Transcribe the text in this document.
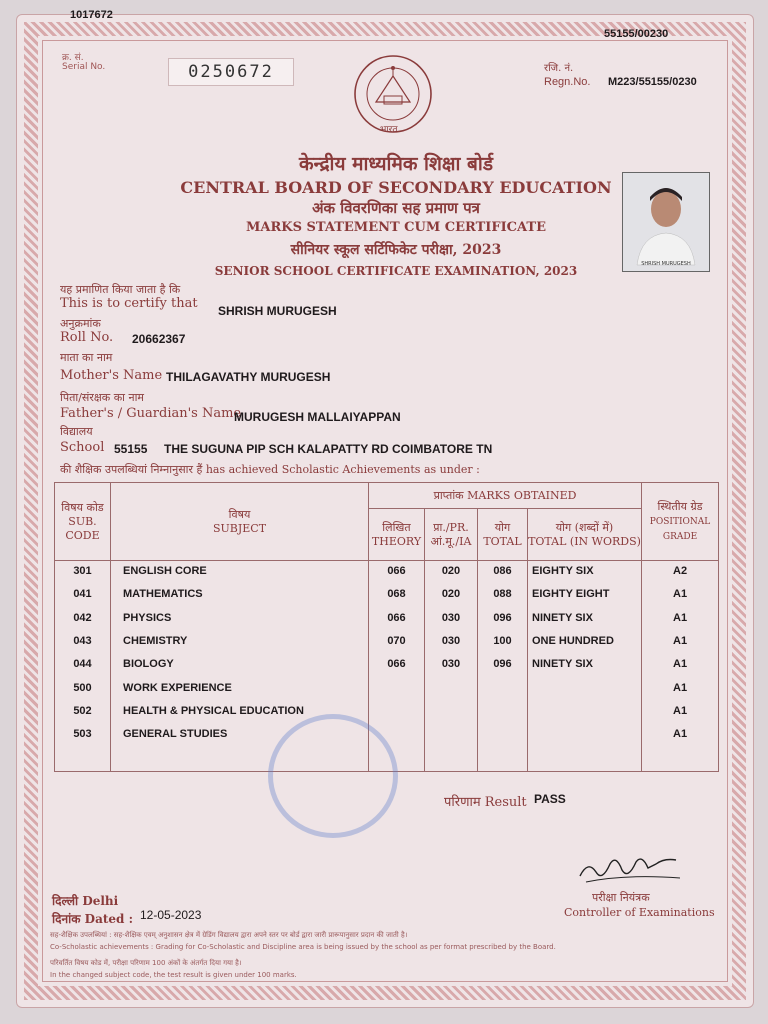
1017672
55155/00230
क्र. सं.
Serial No.	0250672	रजि. नं.
Regn.No. M223/55155/0230
भारत
केन्द्रीय माध्यमिक शिक्षा बोर्ड
CENTRAL BOARD OF SECONDARY EDUCATION
अंक विवरणिका सह प्रमाण पत्र
MARKS STATEMENT CUM CERTIFICATE
सीनियर स्कूल सर्टिफिकेट परीक्षा, 2023
SENIOR SCHOOL CERTIFICATE EXAMINATION, 2023	SHRISH MURUGESH
यह प्रमाणित किया जाता है कि
This is to certify that SHRISH MURUGESH
अनुक्रमांक
Roll No. 20662367
माता का नाम
Mother's Name THILAGAVATHY MURUGESH
पिता/संरक्षक का नाम
Father's / Guardian's Name
MURUGESH MALLAIYAPPAN
विद्यालय
School 55155 THE SUGUNA PIP SCH KALAPATTY RD COIMBATORE TN
की शैक्षिक उपलब्धियां निम्नानुसार हैं has achieved Scholastic Achievements as under :
विषय कोड
SUB. CODE	विषय
SUBJECT	प्राप्तांक MARKS OBTAINED				स्थितीय ग्रेड
POSITIONAL GRADE
		लिखित
THEORY	प्रा./PR.
आं.मू./IA	योग
TOTAL	योग (शब्दों में)
TOTAL (IN WORDS)	
301	ENGLISH CORE	066	020	086	EIGHTY SIX	A2
041	MATHEMATICS	068	020	088	EIGHTY EIGHT	A1
042	PHYSICS	066	030	096	NINETY SIX	A1
043	CHEMISTRY	070	030	100	ONE HUNDRED	A1
044	BIOLOGY	066	030	096	NINETY SIX	A1
500	WORK EXPERIENCE					A1
502	HEALTH & PHYSICAL EDUCATION					A1
503	GENERAL STUDIES					A1

परिणाम Result PASS
दिल्ली Delhi
दिनांक Dated : 12-05-2023
परीक्षा नियंत्रक
Controller of Examinations
सह-शैक्षिक उपलब्धियां : सह-शैक्षिक एवम् अनुशासन क्षेत्र में ग्रेडिंग विद्यालय द्वारा अपने स्तर पर बोर्ड द्वारा जारी प्रारूपानुसार प्रदान की जाती है।
Co-Scholastic achievements : Grading for Co-Scholastic and Discipline area is being issued by the school as per format prescribed by the Board.
परिवर्तित विषय कोड में, परीक्षा परिणाम 100 अंकों के अंतर्गत दिया गया है।
In the changed subject code, the test result is given under 100 marks.
